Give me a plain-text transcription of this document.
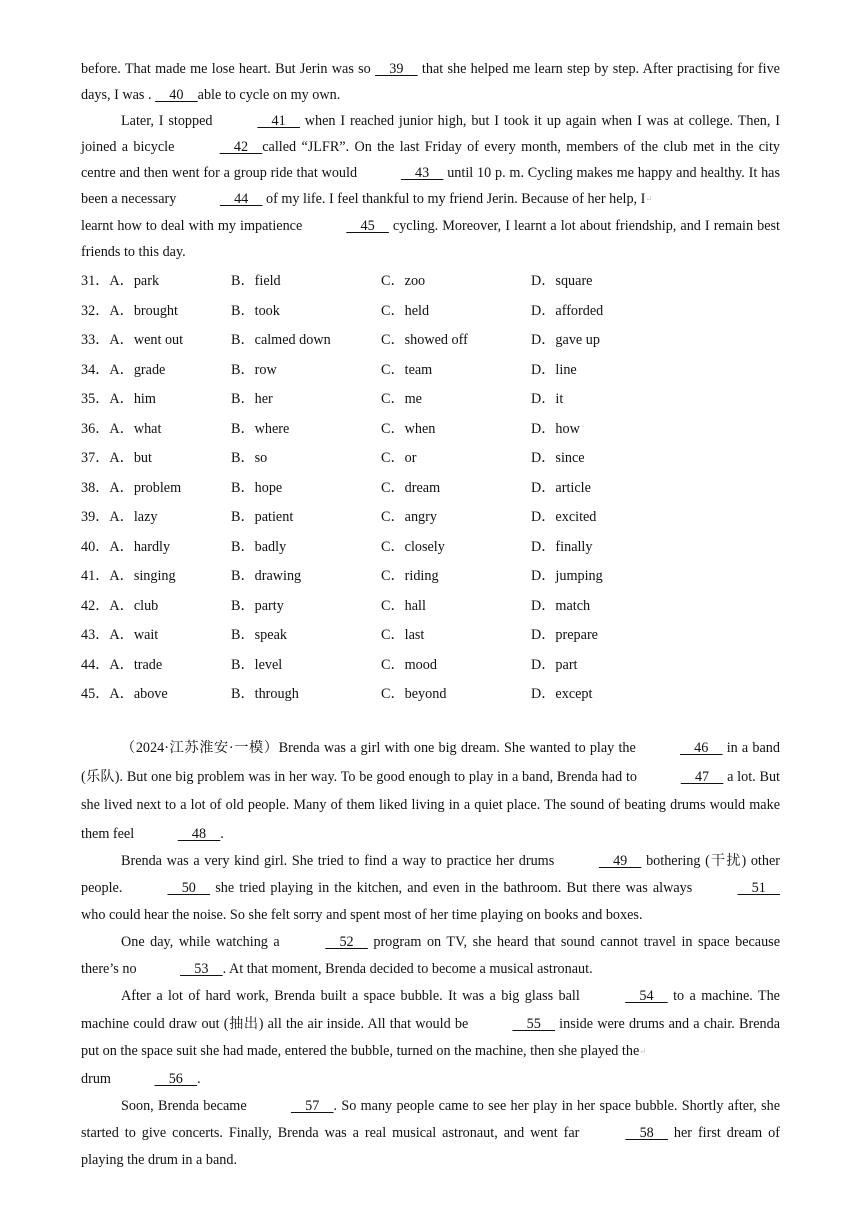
before. That made me lose heart. But Jerin was so     39     that she helped me learn step by step. After practising for five days, I was .     40    able to cycle on my own.

Later, I stopped	41     when I reached junior high, but I took it up again when I was at college. Then, I joined a bicycle	42    called “JLFR”. On the last Friday of every month, members of the club met in the city centre and then went for a group ride that would	43     until 10 p. m. Cycling makes me happy and healthy. It has been a necessary	44     of my life. I feel thankful to my friend Jerin. Because of her help, I↵
learnt how to deal with my impatience	45     cycling. Moreover, I learnt a lot about friendship, and I remain best friends to this day.

31．A．park	B．field	C．zoo	D．square
32．A．brought	B．took	C．held	D．afforded
33．A．went out	B．calmed down	C．showed off	D．gave up
34．A．grade	B．row	C．team	D．line
35．A．him	B．her	C．me	D．it
36．A．what	B．where	C．when	D．how
37．A．but	B．so	C．or	D．since
38．A．problem	B．hope	C．dream	D．article
39．A．lazy	B．patient	C．angry	D．excited
40．A．hardly	B．badly	C．closely	D．finally
41．A．singing	B．drawing	C．riding	D．jumping
42．A．club	B．party	C．hall	D．match
43．A．wait	B．speak	C．last	D．prepare
44．A．trade	B．level	C．mood	D．part
45．A．above	B．through	C．beyond	D．except

（2024·江苏淮安·一模）Brenda was a girl with one big dream. She wanted to play the	46     in a band (乐队). But one big problem was in her way. To be good enough to play in a band, Brenda had to	47     a lot. But she lived next to a lot of old people. Many of them liked living in a quiet place. The sound of beating drums would make them feel	48    .

Brenda was a very kind girl. She tried to find a way to practice her drums	49     bothering (干扰) other people.	50     she tried playing in the kitchen, and even in the bathroom. But there was always	51     who could hear the noise. So she felt sorry and spent most of her time playing on books and boxes.

One day, while watching a	52     program on TV, she heard that sound cannot travel in space because there’s no	53    . At that moment, Brenda decided to become a musical astronaut.

After a lot of hard work, Brenda built a space bubble. It was a big glass ball	54     to a machine. The machine could draw out (抽出) all the air inside. All that would be	55     inside were drums and a chair. Brenda put on the space suit she had made, entered the bubble, turned on the machine, then she played the↵
drum	56    .

Soon, Brenda became	57    . So many people came to see her play in her space bubble. Shortly after, she started to give concerts. Finally, Brenda was a real musical astronaut, and went far	58     her first dream of playing the drum in a band.
